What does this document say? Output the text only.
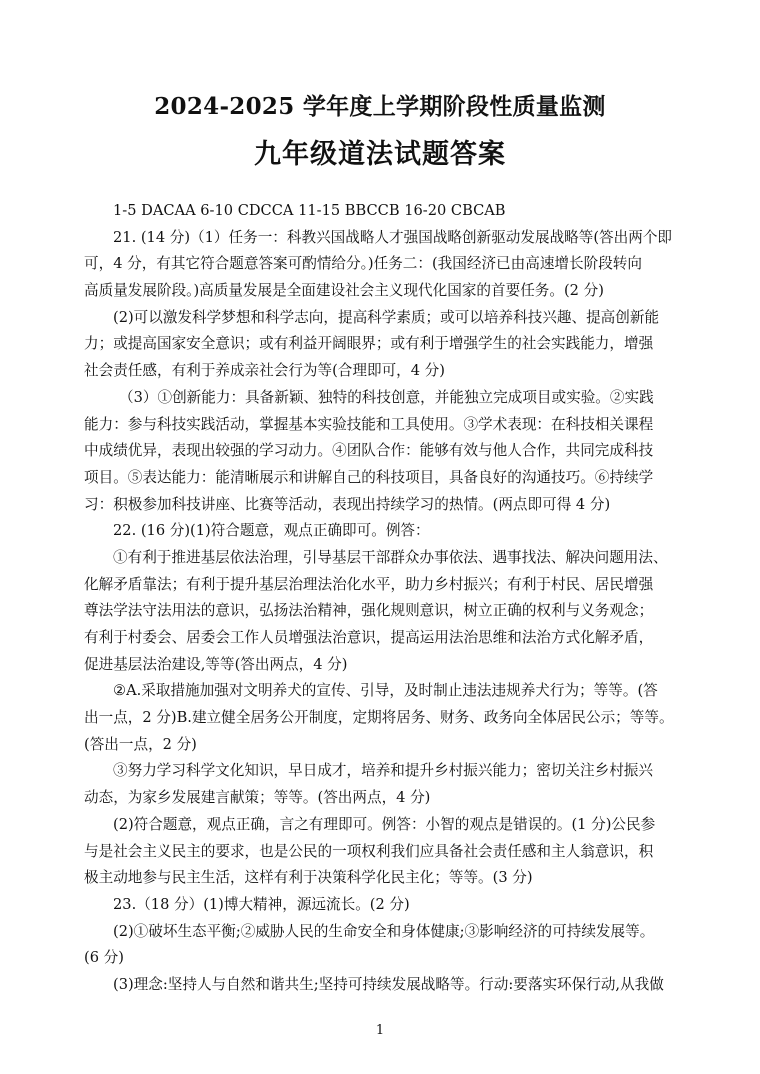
2024-2025 学年度上学期阶段性质量监测
九年级道法试题答案
1-5 DACAA 6-10 CDCCA 11-15 BBCCB 16-20 CBCAB
21. (14 分)（1）任务一：科教兴国战略人才强国战略创新驱动发展战略等(答出两个即
可，4 分，有其它符合题意答案可酌情给分。)任务二：(我国经济已由高速增长阶段转向
高质量发展阶段。)高质量发展是全面建设社会主义现代化国家的首要任务。(2 分)
(2)可以激发科学梦想和科学志向，提高科学素质；或可以培养科技兴趣、提高创新能
力；或提高国家安全意识；或有利益开阔眼界；或有利于增强学生的社会实践能力，增强
社会责任感，有利于养成亲社会行为等(合理即可，4 分)
（3）①创新能力：具备新颖、独特的科技创意，并能独立完成项目或实验。②实践
能力：参与科技实践活动，掌握基本实验技能和工具使用。③学术表现：在科技相关课程
中成绩优异，表现出较强的学习动力。④团队合作：能够有效与他人合作，共同完成科技
项目。⑤表达能力：能清晰展示和讲解自己的科技项目，具备良好的沟通技巧。⑥持续学
习：积极参加科技讲座、比赛等活动，表现出持续学习的热情。(两点即可得 4 分)
22. (16 分)(1)符合题意，观点正确即可。例答：
①有利于推进基层依法治理，引导基层干部群众办事依法、遇事找法、解决问题用法、
化解矛盾靠法；有利于提升基层治理法治化水平，助力乡村振兴；有利于村民、居民增强
尊法学法守法用法的意识，弘扬法治精神，强化规则意识，树立正确的权利与义务观念；
有利于村委会、居委会工作人员增强法治意识，提高运用法治思维和法治方式化解矛盾，
促进基层法治建设,等等(答出两点，4 分)
②A.采取措施加强对文明养犬的宣传、引导，及时制止违法违规养犬行为；等等。(答
出一点，2 分)B.建立健全居务公开制度，定期将居务、财务、政务向全体居民公示；等等。
(答出一点，2 分)
③努力学习科学文化知识，早日成才，培养和提升乡村振兴能力；密切关注乡村振兴
动态，为家乡发展建言献策；等等。(答出两点，4 分)
(2)符合题意，观点正确，言之有理即可。例答：小智的观点是错误的。(1 分)公民参
与是社会主义民主的要求，也是公民的一项权利我们应具备社会责任感和主人翁意识，积
极主动地参与民主生活，这样有利于决策科学化民主化；等等。(3 分)
23.（18 分）(1)博大精神，源远流长。(2 分)
(2)①破坏生态平衡;②威胁人民的生命安全和身体健康;③影响经济的可持续发展等。
(6 分)
(3)理念:坚持人与自然和谐共生;坚持可持续发展战略等。行动:要落实环保行动,从我做
1
